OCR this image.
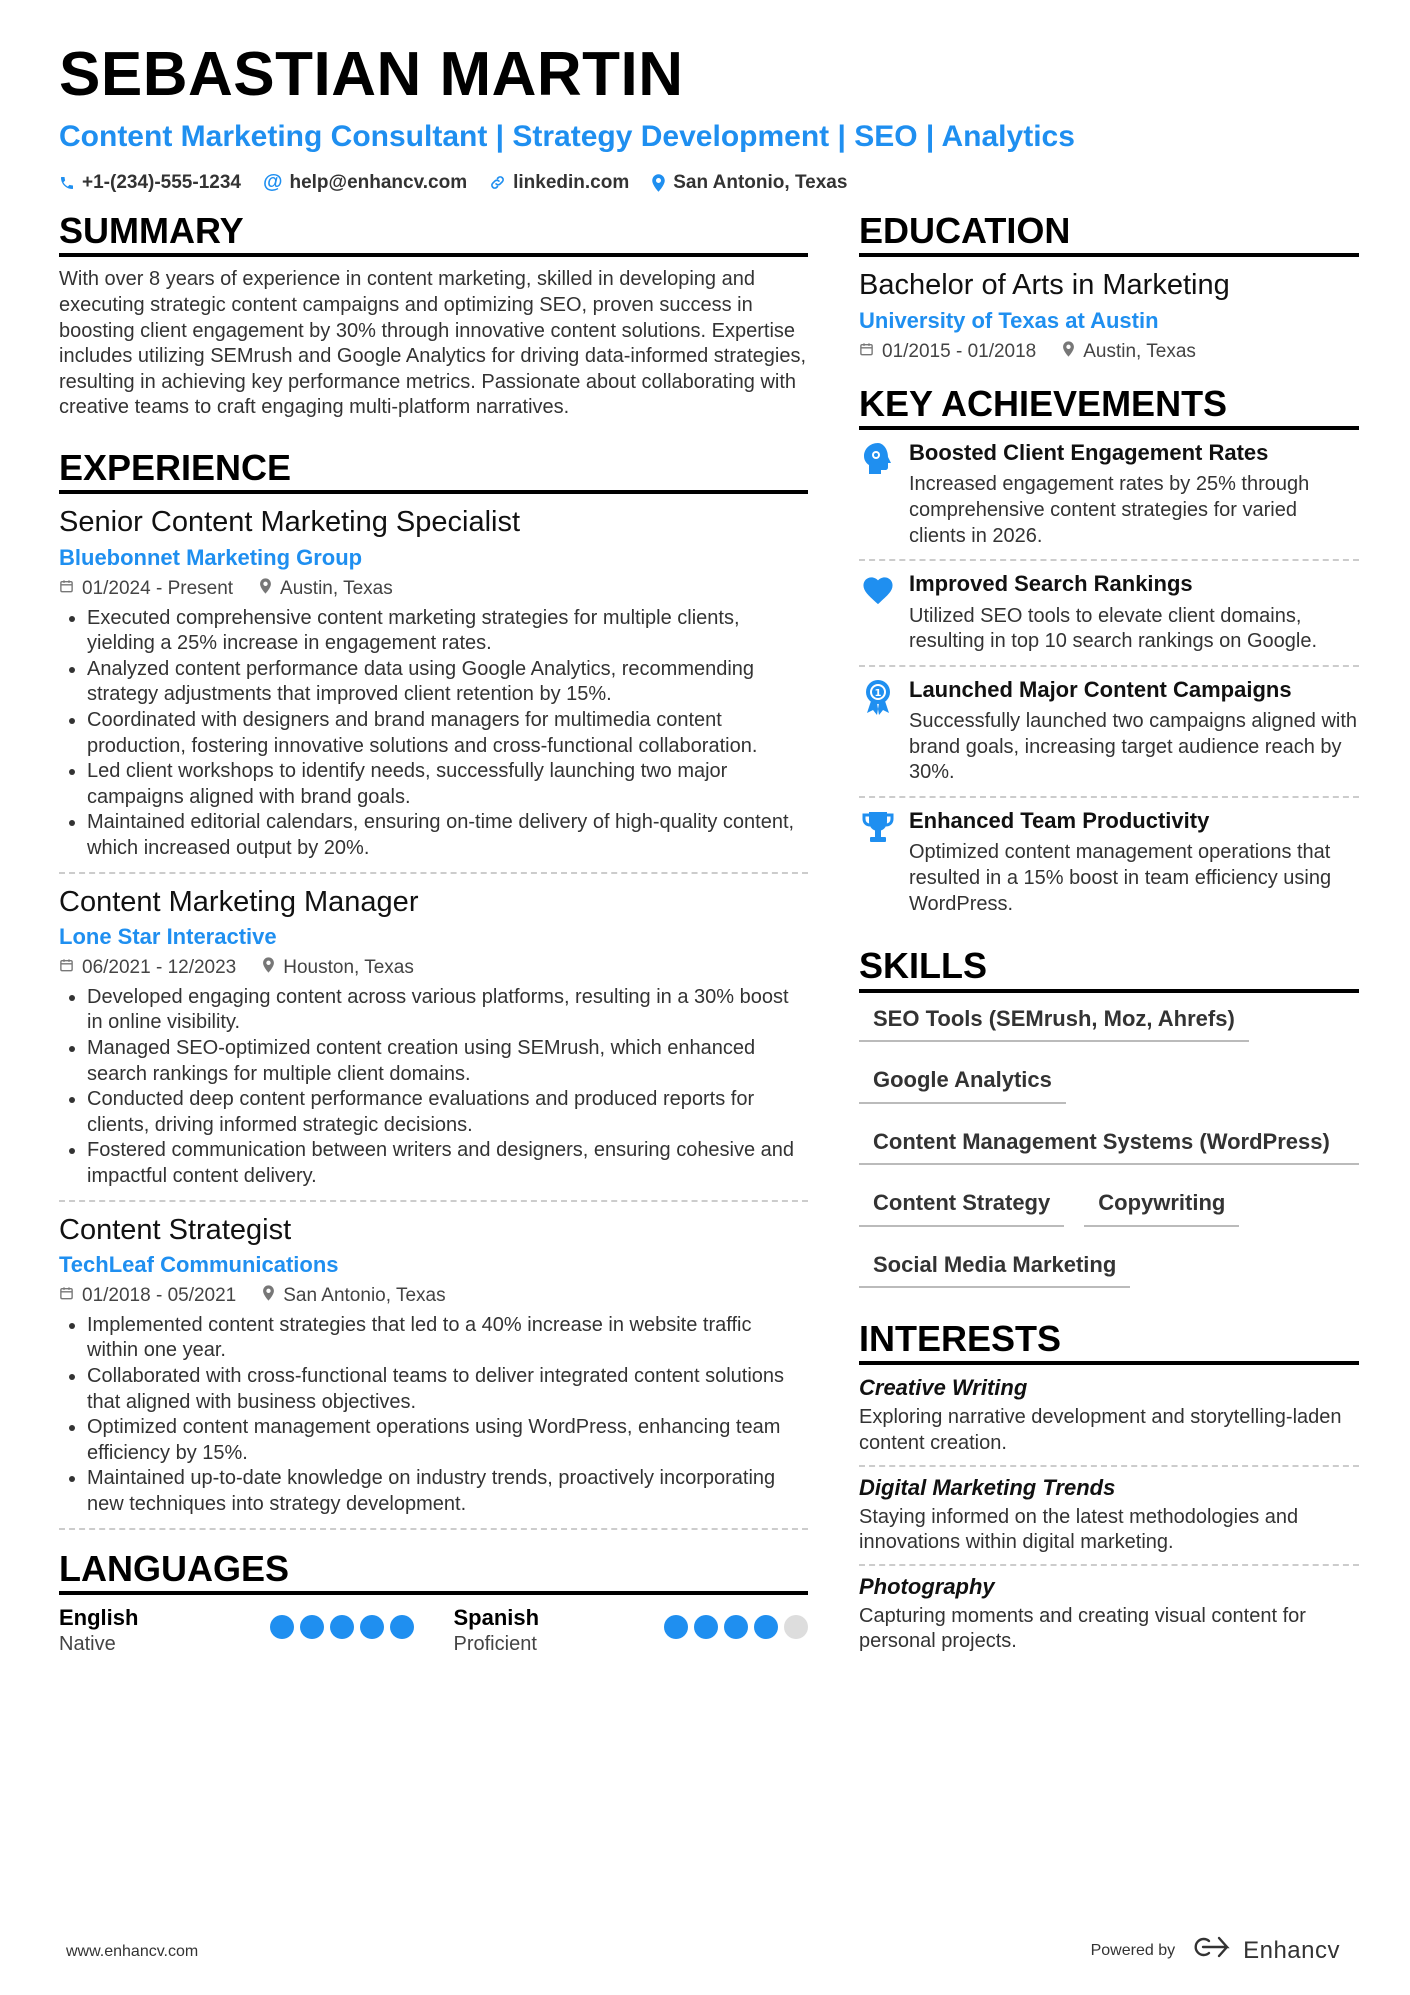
SEBASTIAN MARTIN
Content Marketing Consultant | Strategy Development | SEO | Analytics
+1-(234)-555-1234 @ help@enhancv.com linkedin.com San Antonio, Texas
SUMMARY

With over 8 years of experience in content marketing, skilled in developing and executing strategic content campaigns and optimizing SEO, proven success in boosting client engagement by 30% through innovative content solutions. Expertise includes utilizing SEMrush and Google Analytics for driving data-informed strategies, resulting in achieving key performance metrics. Passionate about collaborating with creative teams to craft engaging multi-platform narratives.

EXPERIENCE
Senior Content Marketing Specialist
Bluebonnet Marketing Group
01/2024 - Present Austin, Texas
• Executed comprehensive content marketing strategies for multiple clients, yielding a 25% increase in engagement rates.
• Analyzed content performance data using Google Analytics, recommending strategy adjustments that improved client retention by 15%.
• Coordinated with designers and brand managers for multimedia content production, fostering innovative solutions and cross-functional collaboration.
• Led client workshops to identify needs, successfully launching two major campaigns aligned with brand goals.
• Maintained editorial calendars, ensuring on-time delivery of high-quality content, which increased output by 20%.
Content Marketing Manager
Lone Star Interactive
06/2021 - 12/2023 Houston, Texas
• Developed engaging content across various platforms, resulting in a 30% boost in online visibility.
• Managed SEO-optimized content creation using SEMrush, which enhanced search rankings for multiple client domains.
• Conducted deep content performance evaluations and produced reports for clients, driving informed strategic decisions.
• Fostered communication between writers and designers, ensuring cohesive and impactful content delivery.
Content Strategist
TechLeaf Communications
01/2018 - 05/2021 San Antonio, Texas
• Implemented content strategies that led to a 40% increase in website traffic within one year.
• Collaborated with cross-functional teams to deliver integrated content solutions that aligned with business objectives.
• Optimized content management operations using WordPress, enhancing team efficiency by 15%.
• Maintained up-to-date knowledge on industry trends, proactively incorporating new techniques into strategy development.
LANGUAGES
English
Native
Spanish
Proficient
EDUCATION
Bachelor of Arts in Marketing
University of Texas at Austin
01/2015 - 01/2018 Austin, Texas
KEY ACHIEVEMENTS
Boosted Client Engagement Rates
Increased engagement rates by 25% through comprehensive content strategies for varied clients in 2026.
Improved Search Rankings
Utilized SEO tools to elevate client domains, resulting in top 10 search rankings on Google.
1 Launched Major Content Campaigns
Successfully launched two campaigns aligned with brand goals, increasing target audience reach by 30%.
Enhanced Team Productivity
Optimized content management operations that resulted in a 15% boost in team efficiency using WordPress.
SKILLS
SEO Tools (SEMrush, Moz, Ahrefs)
Google Analytics
Content Management Systems (WordPress)
Content Strategy	Copywriting
Social Media Marketing
INTERESTS
Creative Writing
Exploring narrative development and storytelling-laden content creation.
Digital Marketing Trends
Staying informed on the latest methodologies and innovations within digital marketing.
Photography
Capturing moments and creating visual content for personal projects.
www.enhancv.com	Powered by	Enhancv
